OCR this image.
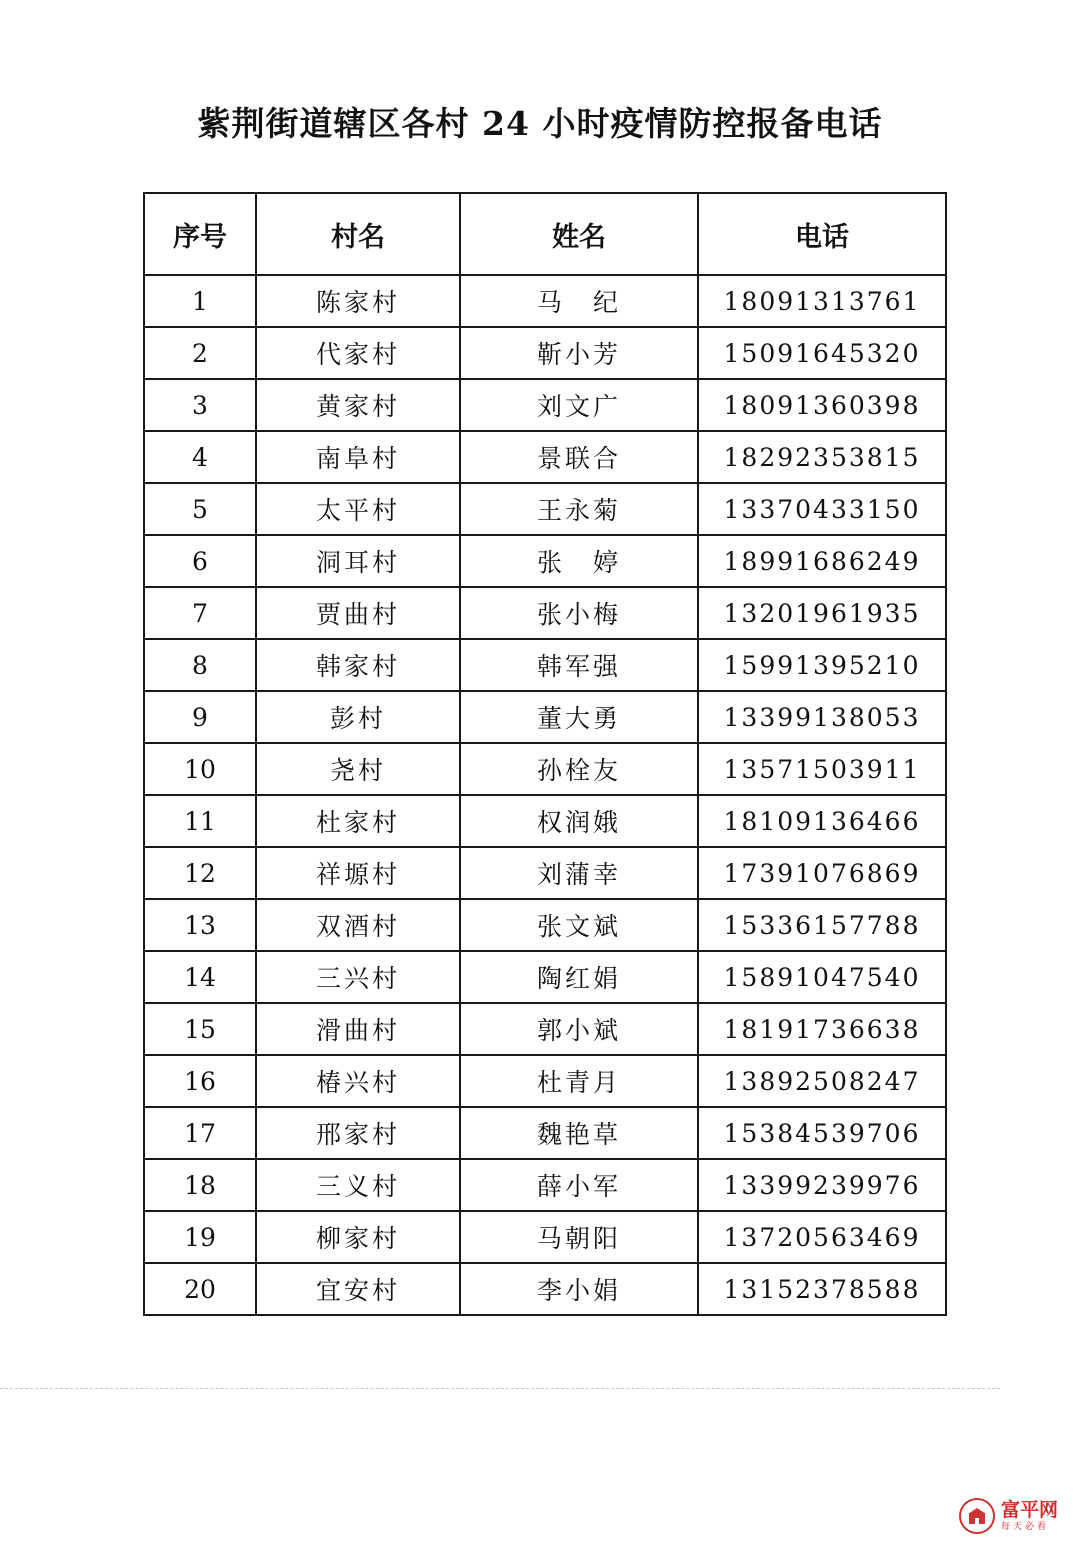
紫荆街道辖区各村 24 小时疫情防控报备电话
序号	村名	姓名	电话
1	陈家村	马　纪	18091313761
2	代家村	靳小芳	15091645320
3	黄家村	刘文广	18091360398
4	南阜村	景联合	18292353815
5	太平村	王永菊	13370433150
6	洞耳村	张　婷	18991686249
7	贾曲村	张小梅	13201961935
8	韩家村	韩军强	15991395210
9	彭村	董大勇	13399138053
10	尧村	孙栓友	13571503911
11	杜家村	权润娥	18109136466
12	祥塬村	刘蒲幸	17391076869
13	双酒村	张文斌	15336157788
14	三兴村	陶红娟	15891047540
15	滑曲村	郭小斌	18191736638
16	椿兴村	杜青月	13892508247
17	邢家村	魏艳草	15384539706
18	三义村	薛小军	13399239976
19	柳家村	马朝阳	13720563469
20	宜安村	李小娟	13152378588
富平网
每天必看
